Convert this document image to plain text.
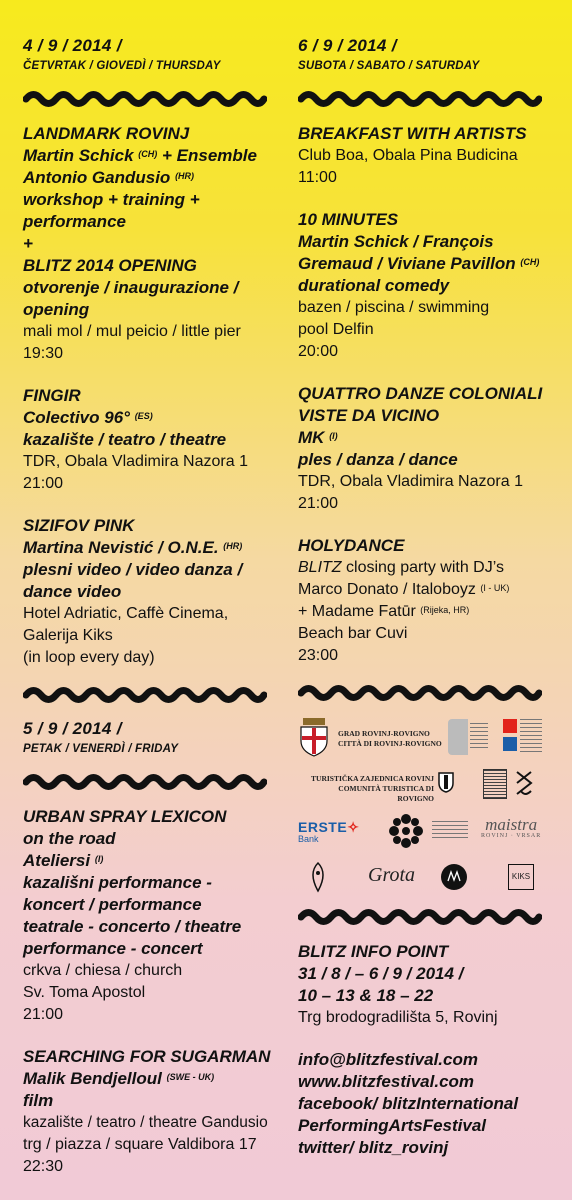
4 / 9 / 2014 /
ČETVRTAK / GIOVEDÌ / THURSDAY
LANDMARK ROVINJ
Martin Schick $^{(CH)}$ + Ensemble
Antonio Gandusio $^{(HR)}$
workshop + training +
performance
+
BLITZ 2014 OPENING
otvorenje / inaugurazione /
opening
mali mol / mul peicio / little pier
19:30
FINGIR
Colectivo 96° $^{(ES)}$
kazalište / teatro / theatre
TDR, Obala Vladimira Nazora 1
21:00
SIZIFOV PINK
Martina Nevistić / O.N.E. $^{(HR)}$
plesni video / video danza /
dance video
Hotel Adriatic, Caffè Cinema,
Galerija Kiks
(in loop every day)
5 / 9 / 2014 /
PETAK / VENERDÌ / FRIDAY
URBAN SPRAY LEXICON
on the road
Ateliersi $^{(I)}$
kazališni performance -
koncert / performance
teatrale - concerto / theatre
performance - concert
crkva / chiesa / church
Sv. Toma Apostol
21:00
SEARCHING FOR SUGARMAN
Malik Bendjelloul $^{(SWE - UK)}$
film
kazalište / teatro / theatre Gandusio
trg / piazza / square Valdibora 17
22:30
6 / 9 / 2014 /
SUBOTA / SABATO / SATURDAY
BREAKFAST WITH ARTISTS
Club Boa, Obala Pina Budicina
11:00
10 MINUTES
Martin Schick / François
Gremaud / Viviane Pavillon $^{(CH)}$
durational comedy
bazen / piscina / swimming
pool Delfin
20:00
QUATTRO DANZE COLONIALI
VISTE DA VICINO
MK $^{(I)}$
ples / danza / dance
TDR, Obala Vladimira Nazora 1
21:00
HOLYDANCE
BLITZ closing party with DJ’s
Marco Donato / Italoboyz $^{(I - UK)}$
+ Madame Fatūr $^{(Rijeka, HR)}$
Beach bar Cuvi
23:00
GRAD ROVINJ-ROVIGNO
CITTÀ DI ROVINJ-ROVIGNO
TURISTIČKA ZAJEDNICA ROVINJ
COMUNITÀ TURISTICA DI ROVIGNO
ERSTE✧
Bank
maistra
ROVINJ · VRSAR
Grota	KIKS
BLITZ INFO POINT
31 / 8 / – 6 / 9 / 2014 /
10 – 13 & 18 – 22
Trg brodogradilišta 5, Rovinj
info@blitzfestival.com
www.blitzfestival.com
facebook/ blitzInternational
PerformingArtsFestival
twitter/ blitz_rovinj
